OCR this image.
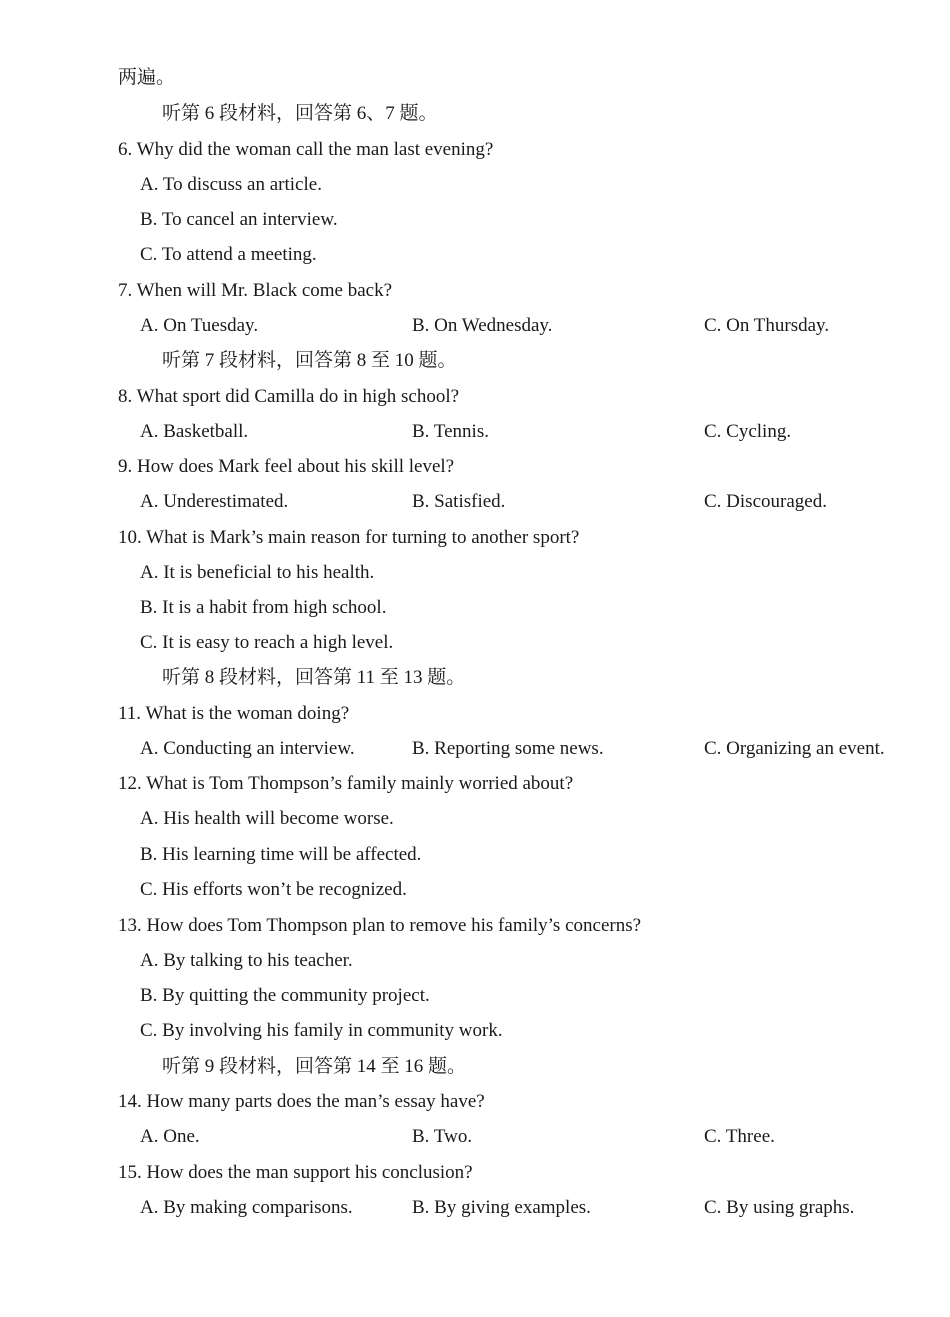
两遍。
听第 6 段材料，回答第 6、7 题。
6. Why did the woman call the man last evening?
A. To discuss an article.
B. To cancel an interview.
C. To attend a meeting.
7. When will Mr. Black come back?
A. On Tuesday.	B. On Wednesday.	C. On Thursday.
听第 7 段材料，回答第 8 至 10 题。
8. What sport did Camilla do in high school?
A. Basketball.	B. Tennis.	C. Cycling.
9. How does Mark feel about his skill level?
A. Underestimated.	B. Satisfied.	C. Discouraged.
10. What is Mark’s main reason for turning to another sport?
A. It is beneficial to his health.
B. It is a habit from high school.
C. It is easy to reach a high level.
听第 8 段材料，回答第 11 至 13 题。
11. What is the woman doing?
A. Conducting an interview.	B. Reporting some news.	C. Organizing an event.
12. What is Tom Thompson’s family mainly worried about?
A. His health will become worse.
B. His learning time will be affected.
C. His efforts won’t be recognized.
13. How does Tom Thompson plan to remove his family’s concerns?
A. By talking to his teacher.
B. By quitting the community project.
C. By involving his family in community work.
听第 9 段材料，回答第 14 至 16 题。
14. How many parts does the man’s essay have?
A. One.	B. Two.	C. Three.
15. How does the man support his conclusion?
A. By making comparisons.	B. By giving examples.	C. By using graphs.
